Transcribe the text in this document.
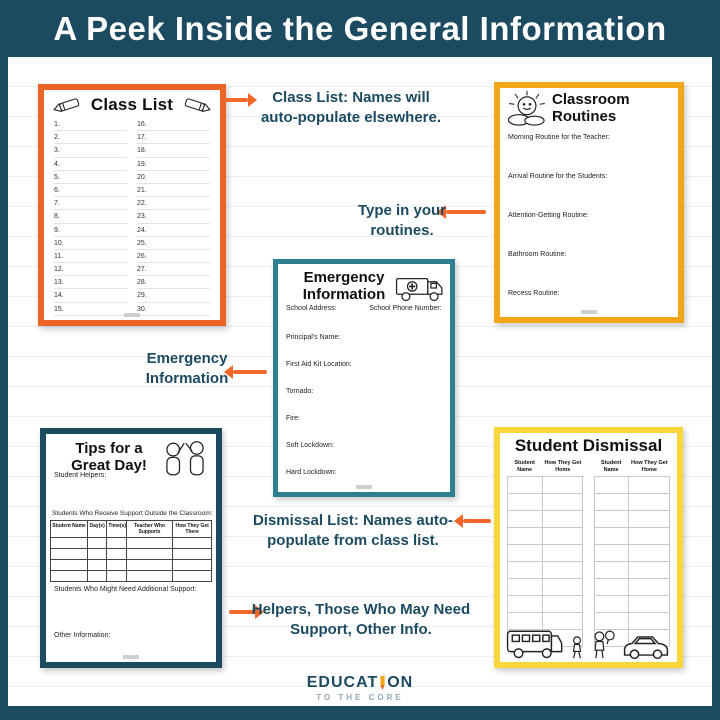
A Peek Inside the General Information
Class List
1.
2.
3.
4.
5.
6.
7.
8.
9.
10.
11.
12.
13.
14.
15.
16.
17.
18.
19.
20.
21.
22.
23.
24.
25.
26.
27.
28.
29.
30.
Classroom Routines
Morning Routine for the Teacher:
Arrival Routine for the Students:
Attention-Getting Routine:
Bathroom Routine:
Recess Routine:
Emergency Information
School Address:	School Phone Number:
Principal's Name:
First Aid Kit Location:
Tornado:
Fire:
Soft Lockdown:
Hard Lockdown:
Tips for a Great Day!
Student Helpers:
Students Who Receive Support Outside the Classroom:
Student Name Day(s) Time(s)	Teacher Who Supports
How They Get There
Students Who Might Need Additional Support:
Other Information:
Student Dismissal
Student Name
How They Get Home
Student Name
How They Get Home
Class List: Names will auto-populate elsewhere.
Type in your routines.
Emergency Information
Dismissal List: Names auto-populate from class list.
Helpers, Those Who May Need Support, Other Info.
EDUCAT ON
TO THE CORE
